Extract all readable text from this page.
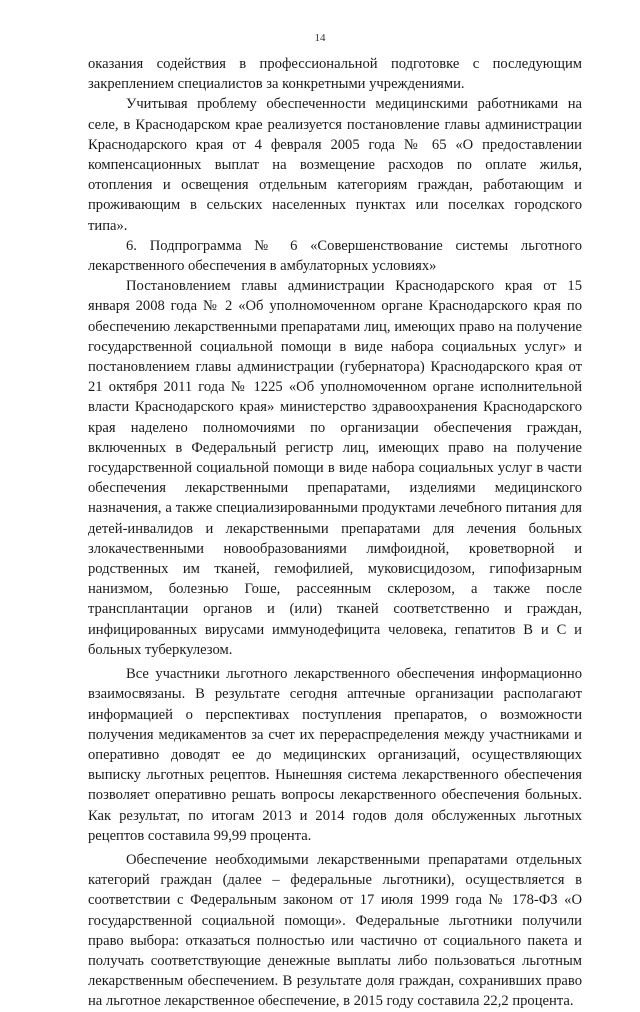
14

оказания содействия в профессиональной подготовке с последующим закреплением специалистов за конкретными учреждениями.

Учитывая проблему обеспеченности медицинскими работниками на селе, в Краснодарском крае реализуется постановление главы администрации Краснодарского края от 4 февраля 2005 года № 65 «О предоставлении компенсационных выплат на возмещение расходов по оплате жилья, отопления и освещения отдельным категориям граждан, работающим и проживающим в сельских населенных пунктах или поселках городского типа».

6. Подпрограмма № 6 «Совершенствование системы льготного лекарственного обеспечения в амбулаторных условиях»

Постановлением главы администрации Краснодарского края от 15 января 2008 года № 2 «Об уполномоченном органе Краснодарского края по обеспечению лекарственными препаратами лиц, имеющих право на получение государственной социальной помощи в виде набора социальных услуг» и постановлением главы администрации (губернатора) Краснодарского края от 21 октября 2011 года № 1225 «Об уполномоченном органе исполнительной власти Краснодарского края» министерство здравоохранения Краснодарского края наделено полномочиями по организации обеспечения граждан, включенных в Федеральный регистр лиц, имеющих право на получение государственной социальной помощи в виде набора социальных услуг в части обеспечения лекарственными препаратами, изделиями медицинского назначения, а также специализированными продуктами лечебного питания для детей-инвалидов и лекарственными препаратами для лечения больных злокачественными новообразованиями лимфоидной, кроветворной и родственных им тканей, гемофилией, муковисцидозом, гипофизарным нанизмом, болезнью Гоше, рассеянным склерозом, а также после трансплантации органов и (или) тканей соответственно и граждан, инфицированных вирусами иммунодефицита человека, гепатитов В и С и больных туберкулезом.

Все участники льготного лекарственного обеспечения информационно взаимосвязаны. В результате сегодня аптечные организации располагают информацией о перспективах поступления препаратов, о возможности получения медикаментов за счет их перераспределения между участниками и оперативно доводят ее до медицинских организаций, осуществляющих выписку льготных рецептов. Нынешняя система лекарственного обеспечения позволяет оперативно решать вопросы лекарственного обеспечения больных. Как результат, по итогам 2013 и 2014 годов доля обслуженных льготных рецептов составила 99,99 процента.

Обеспечение необходимыми лекарственными препаратами отдельных категорий граждан (далее – федеральные льготники), осуществляется в соответствии с Федеральным законом от 17 июля 1999 года № 178-ФЗ «О государственной социальной помощи». Федеральные льготники получили право выбора: отказаться полностью или частично от социального пакета и получать соответствующие денежные выплаты либо пользоваться льготным лекарственным обеспечением. В результате доля граждан, сохранивших право на льготное лекарственное обеспечение, в 2015 году составила 22,2 процента.
